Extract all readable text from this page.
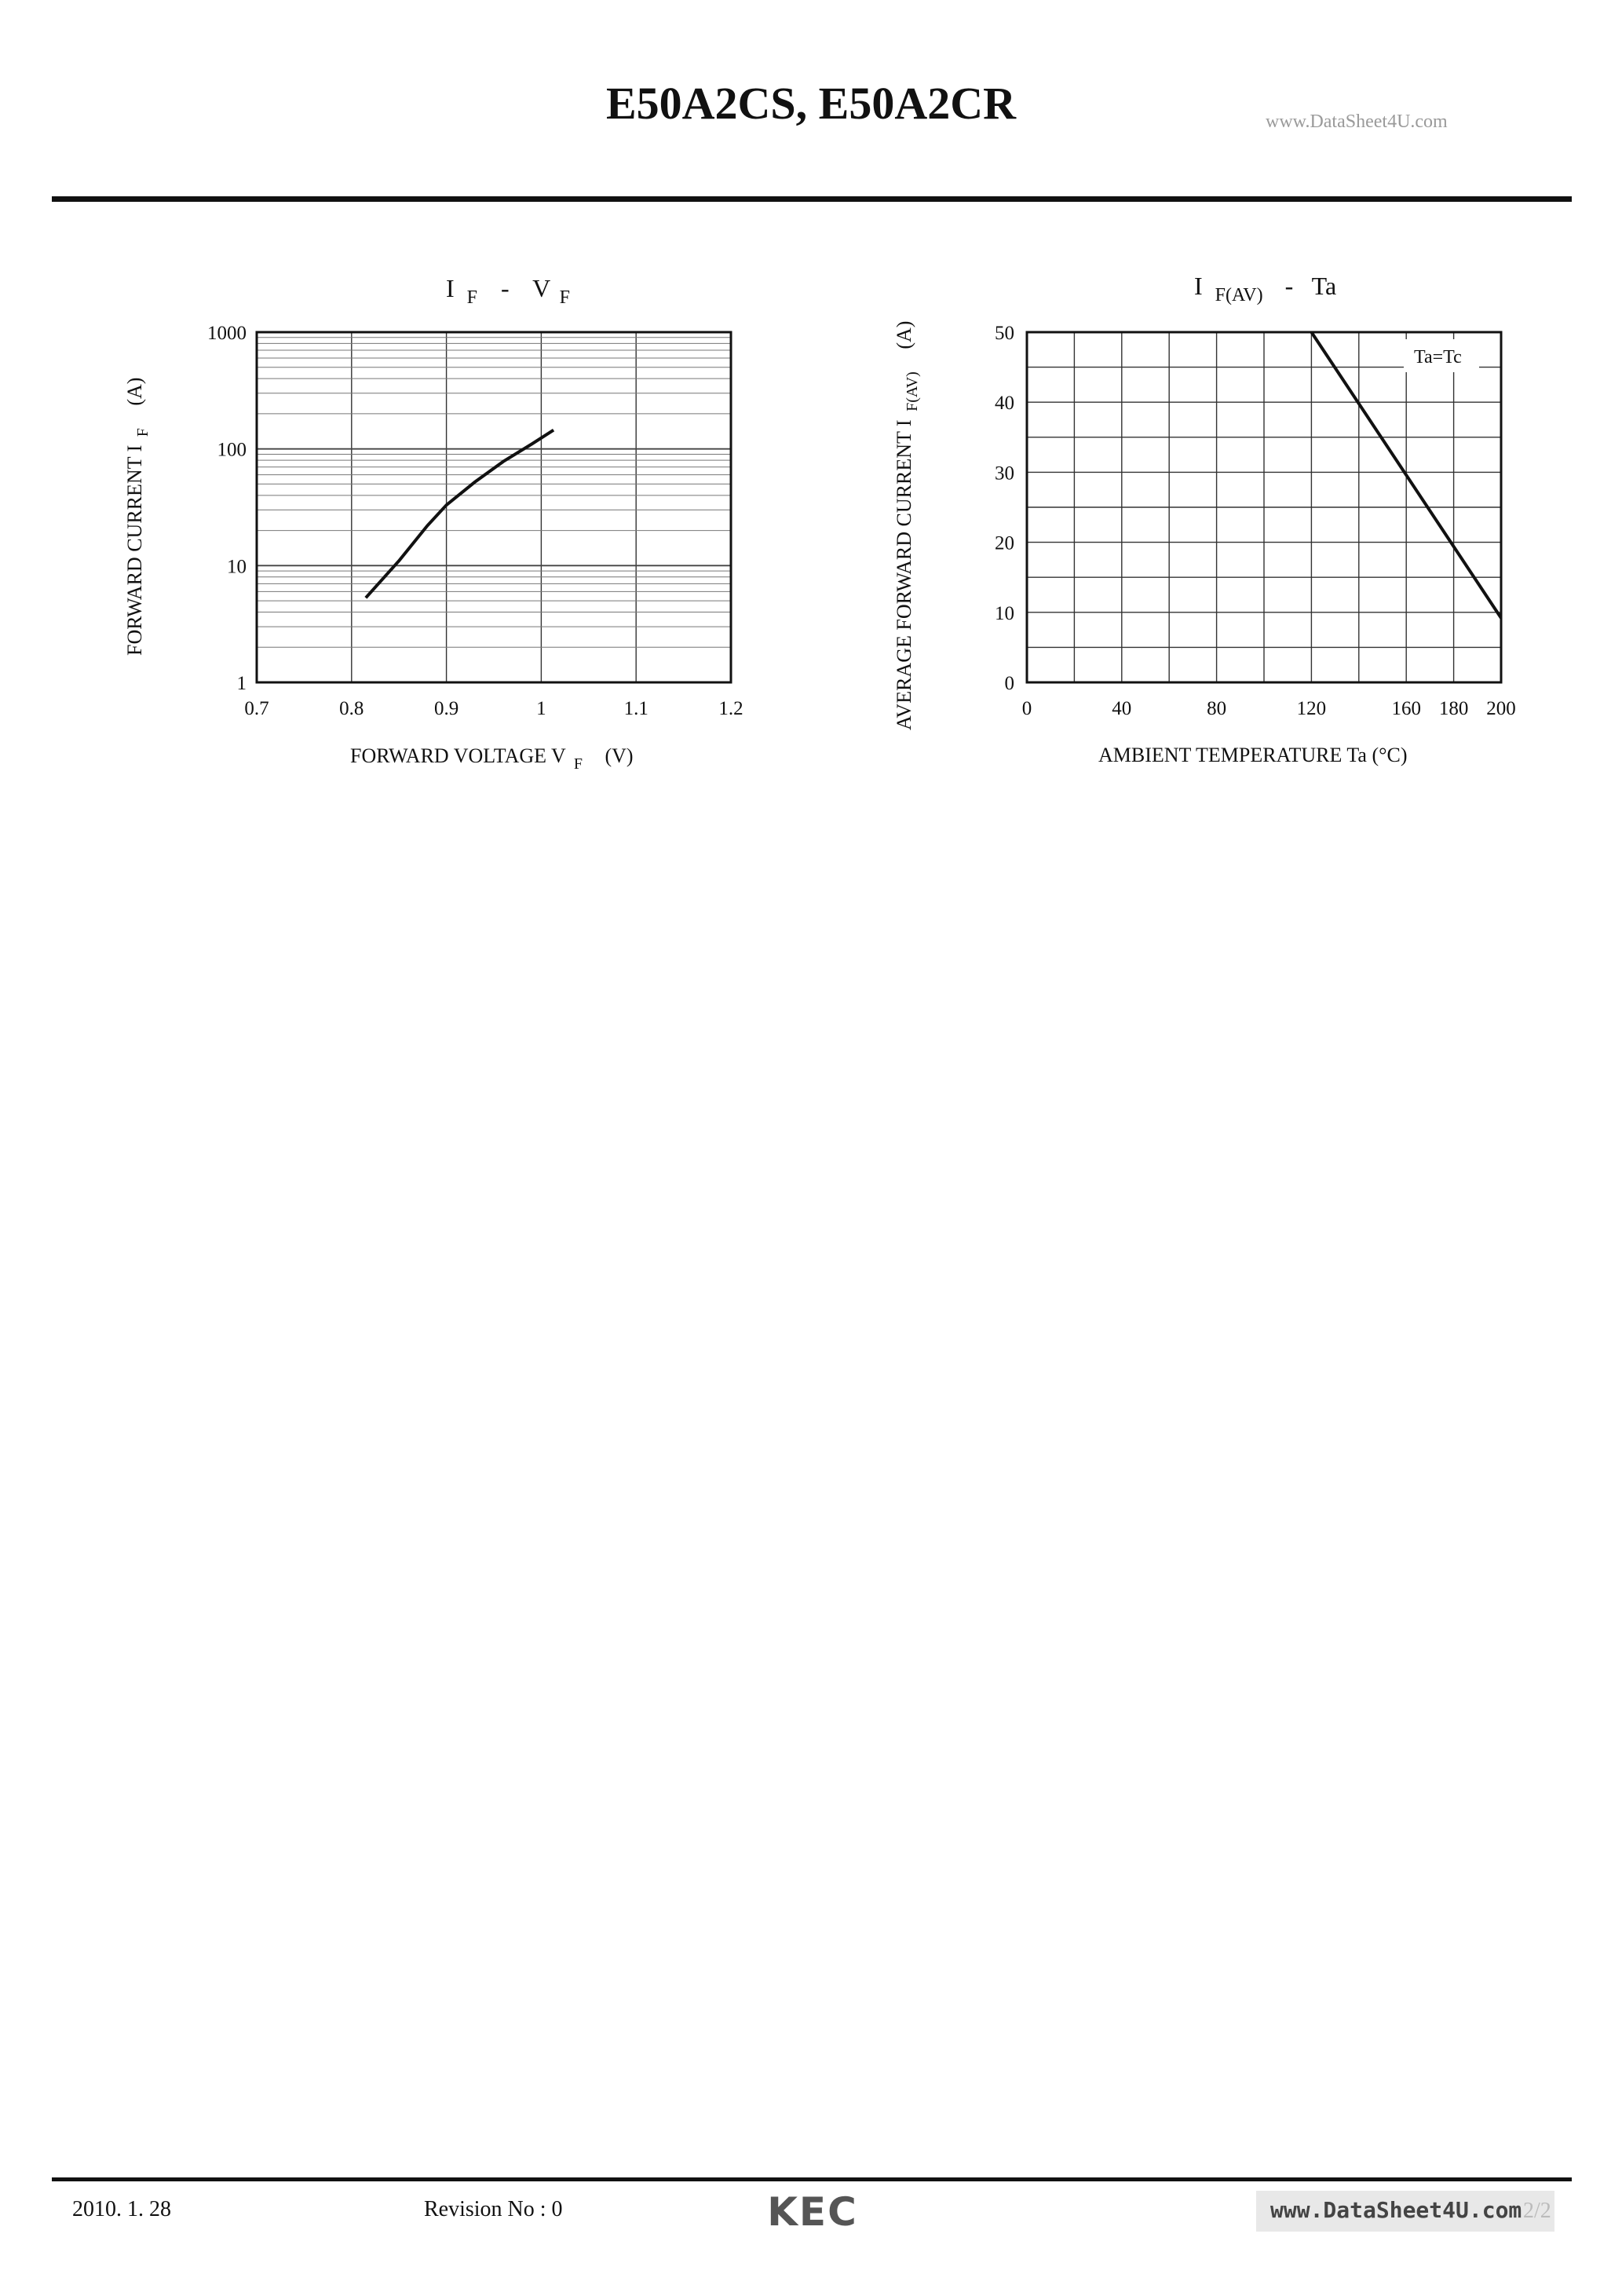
E50A2CS, E50A2CR	www.DataSheet4U.com
0.7	0.8	0.9	1	1.1	1.2
1
10
100
1000
I $_F$ - V $_F$
FORWARD VOLTAGE V $_F$ (V)
FORWARD CURRENT I $_F$ (A)
0	40	80	120	160 180 200
0
10
20
30
40
50
Ta=Tc
I $_{F(AV)}$ - Ta
AMBIENT TEMPERATURE Ta (°C)
AVERAGE FORWARD CURRENT I $_{F(AV)}$ (A)
2010. 1. 28	Revision No : 0	KEC	www.DataSheet4U.com 2/2
